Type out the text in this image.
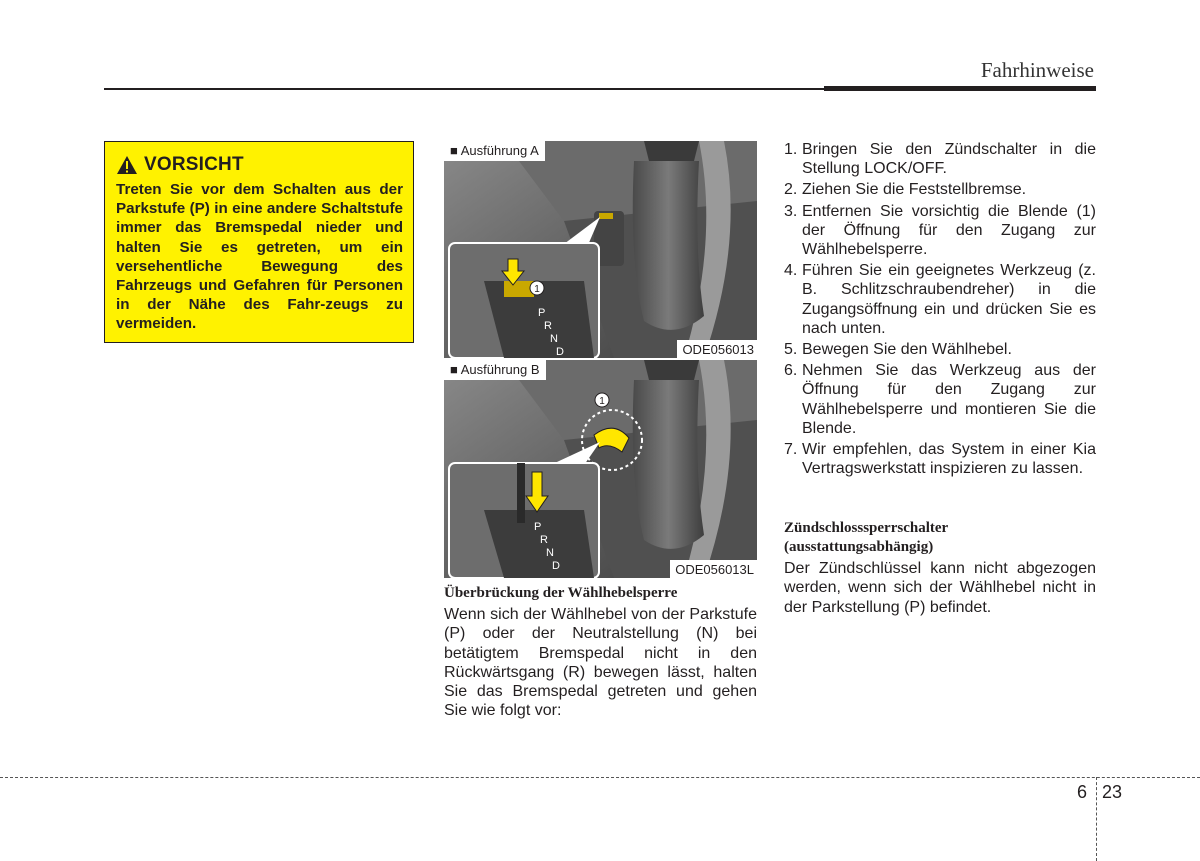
Fahrhinweise
VORSICHT
Treten Sie vor dem Schalten aus der Parkstufe (P) in eine andere Schaltstufe immer das Bremspedal nieder und halten Sie es getreten, um ein versehentliche Bewegung des Fahrzeugs und Gefahren für Personen in der Nähe des Fahr-zeugs zu vermeiden.
1
P
R
N
D
■ Ausführung A
ODE056013
1
P
R
N
D
■ Ausführung B
ODE056013L
Überbrückung der Wählhebelsperre
Wenn sich der Wählhebel von der Parkstufe (P) oder der Neutralstellung (N) bei betätigtem Bremspedal nicht in den Rückwärtsgang (R) bewegen lässt, halten Sie das Bremspedal getreten und gehen Sie wie folgt vor:
1. Bringen Sie den Zündschalter in die Stellung LOCK/OFF.
2. Ziehen Sie die Feststellbremse.
3. Entfernen Sie vorsichtig die Blende (1) der Öffnung für den Zugang zur Wählhebelsperre.
4. Führen Sie ein geeignetes Werkzeug (z. B. Schlitzschraubendreher) in die Zugangsöffnung ein und drücken Sie es nach unten.
5. Bewegen Sie den Wählhebel.
6. Nehmen Sie das Werkzeug aus der Öffnung für den Zugang zur Wählhebelsperre und montieren Sie die Blende.
7. Wir empfehlen, das System in einer Kia Vertragswerkstatt inspizieren zu lassen.
Zündschlosssperrschalter
(ausstattungsabhängig)
Der Zündschlüssel kann nicht abgezogen werden, wenn sich der Wählhebel nicht in der Parkstellung (P) befindet.
6 23
